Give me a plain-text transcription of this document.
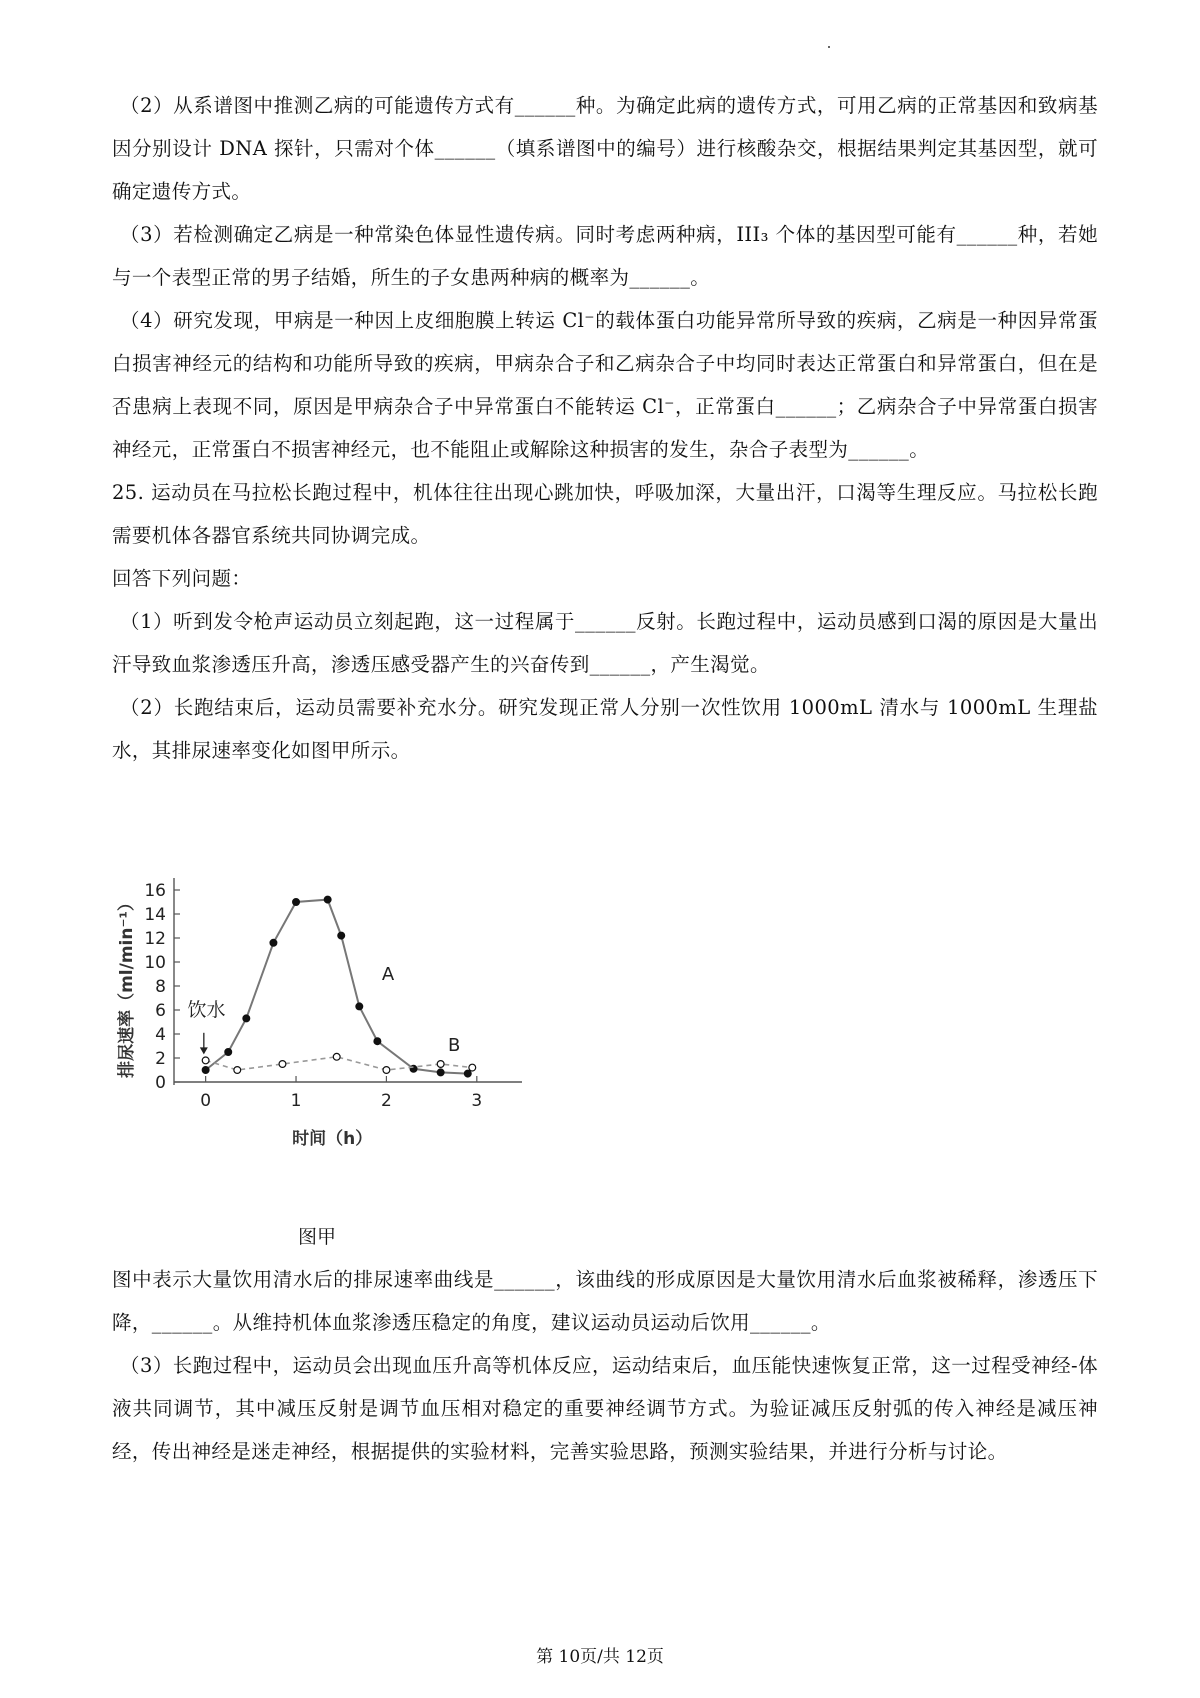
（2）从系谱图中推测乙病的可能遗传方式有______种。为确定此病的遗传方式，可用乙病的正常基因和致病基因分别设计 DNA 探针，只需对个体______（填系谱图中的编号）进行核酸杂交，根据结果判定其基因型，就可确定遗传方式。

（3）若检测确定乙病是一种常染色体显性遗传病。同时考虑两种病，III₃ 个体的基因型可能有______种，若她与一个表型正常的男子结婚，所生的子女患两种病的概率为______。

（4）研究发现，甲病是一种因上皮细胞膜上转运 Cl⁻的载体蛋白功能异常所导致的疾病，乙病是一种因异常蛋白损害神经元的结构和功能所导致的疾病，甲病杂合子和乙病杂合子中均同时表达正常蛋白和异常蛋白，但在是否患病上表现不同，原因是甲病杂合子中异常蛋白不能转运 Cl⁻，正常蛋白______；乙病杂合子中异常蛋白损害神经元，正常蛋白不损害神经元，也不能阻止或解除这种损害的发生，杂合子表型为______。

25. 运动员在马拉松长跑过程中，机体往往出现心跳加快，呼吸加深，大量出汗，口渴等生理反应。马拉松长跑需要机体各器官系统共同协调完成。

回答下列问题：

（1）听到发令枪声运动员立刻起跑，这一过程属于______反射。长跑过程中，运动员感到口渴的原因是大量出汗导致血浆渗透压升高，渗透压感受器产生的兴奋传到______，产生渴觉。

（2）长跑结束后，运动员需要补充水分。研究发现正常人分别一次性饮用 1000mL 清水与 1000mL 生理盐水，其排尿速率变化如图甲所示。

0
2
4
6
8
10
12
14
16
0	1	2	3
时间（h）
排尿速率（ml/min⁻¹）	A
B
饮水
图甲

图中表示大量饮用清水后的排尿速率曲线是______，该曲线的形成原因是大量饮用清水后血浆被稀释，渗透压下降，______。从维持机体血浆渗透压稳定的角度，建议运动员运动后饮用______。

（3）长跑过程中，运动员会出现血压升高等机体反应，运动结束后，血压能快速恢复正常，这一过程受神经-体液共同调节，其中减压反射是调节血压相对稳定的重要神经调节方式。为验证减压反射弧的传入神经是减压神经，传出神经是迷走神经，根据提供的实验材料，完善实验思路，预测实验结果，并进行分析与讨论。

第 10页/共 12页
